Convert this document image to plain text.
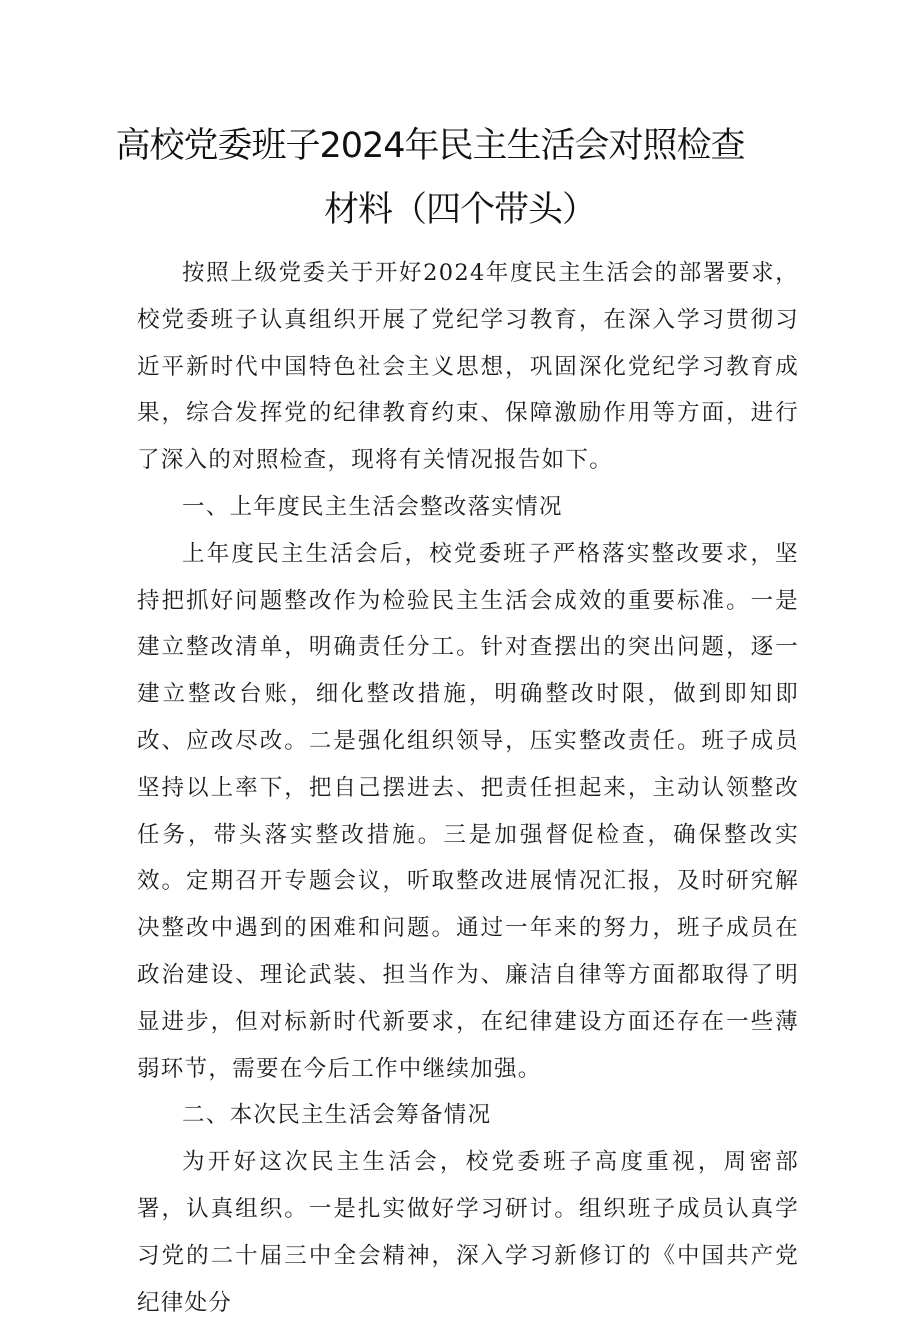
高校党委班子2024年民主生活会对照检查
材料（四个带头）

按照上级党委关于开好2024年度民主生活会的部署要求，校党委班子认真组织开展了党纪学习教育，在深入学习贯彻习近平新时代中国特色社会主义思想，巩固深化党纪学习教育成果，综合发挥党的纪律教育约束、保障激励作用等方面，进行了深入的对照检查，现将有关情况报告如下。

一、上年度民主生活会整改落实情况

上年度民主生活会后，校党委班子严格落实整改要求，坚持把抓好问题整改作为检验民主生活会成效的重要标准。一是建立整改清单，明确责任分工。针对查摆出的突出问题，逐一建立整改台账，细化整改措施，明确整改时限，做到即知即改、应改尽改。二是强化组织领导，压实整改责任。班子成员坚持以上率下，把自己摆进去、把责任担起来，主动认领整改任务，带头落实整改措施。三是加强督促检查，确保整改实效。定期召开专题会议，听取整改进展情况汇报，及时研究解决整改中遇到的困难和问题。通过一年来的努力，班子成员在政治建设、理论武装、担当作为、廉洁自律等方面都取得了明显进步，但对标新时代新要求，在纪律建设方面还存在一些薄弱环节，需要在今后工作中继续加强。

二、本次民主生活会筹备情况

为开好这次民主生活会，校党委班子高度重视，周密部署，认真组织。一是扎实做好学习研讨。组织班子成员认真学习党的二十届三中全会精神，深入学习新修订的《中国共产党纪律处分
